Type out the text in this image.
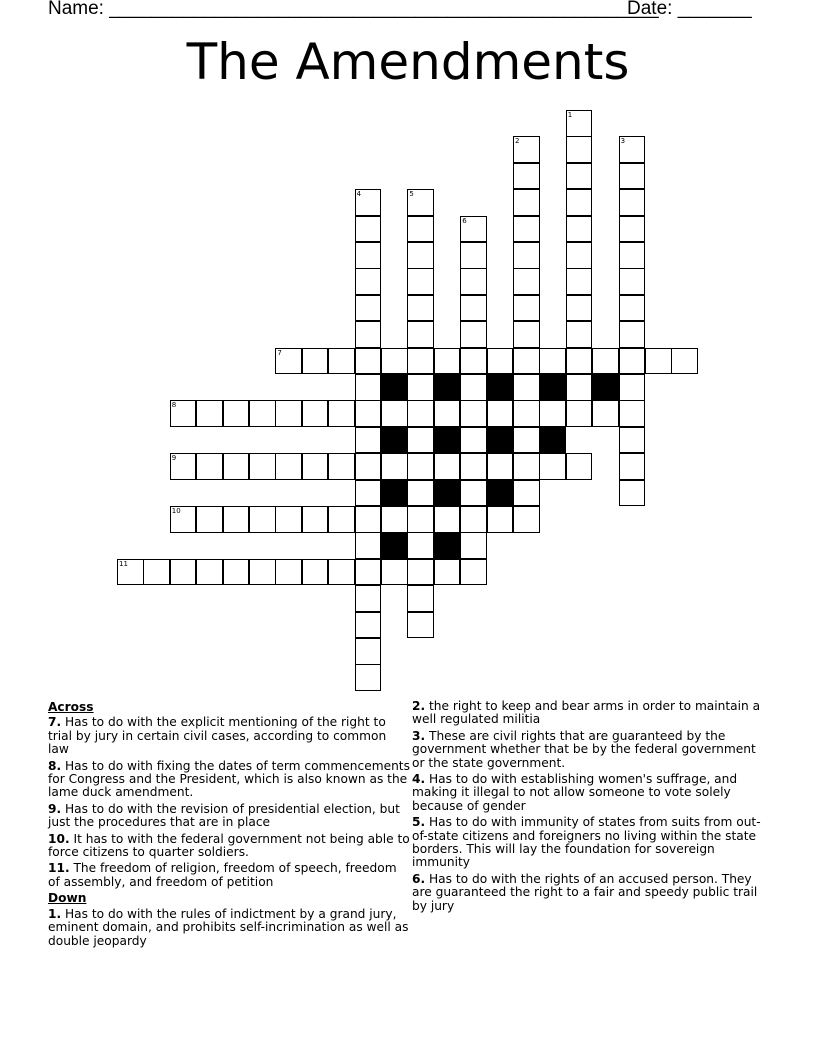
Name: ____________________________________________________
Date: _______
The Amendments
1
2	3
4	5
6
7
8
9
10
11
Across
7. Has to do with the explicit mentioning of the right to trial by jury in certain civil cases, according to common law
8. Has to do with fixing the dates of term commencements for Congress and the President, which is also known as the lame duck amendment.
9. Has to do with the revision of presidential election, but just the procedures that are in place
10. It has to with the federal government not being able to force citizens to quarter soldiers.
11. The freedom of religion, freedom of speech, freedom of assembly, and freedom of petition
Down
1. Has to do with the rules of indictment by a grand jury, eminent domain, and prohibits self-incrimination as well as double jeopardy
2. the right to keep and bear arms in order to maintain a well regulated militia
3. These are civil rights that are guaranteed by the government whether that be by the federal government or the state government.
4. Has to do with establishing women's suffrage, and making it illegal to not allow someone to vote solely because of gender
5. Has to do with immunity of states from suits from out-of-state citizens and foreigners no living within the state borders. This will lay the foundation for sovereign immunity
6. Has to do with the rights of an accused person. They are guaranteed the right to a fair and speedy public trail by jury
